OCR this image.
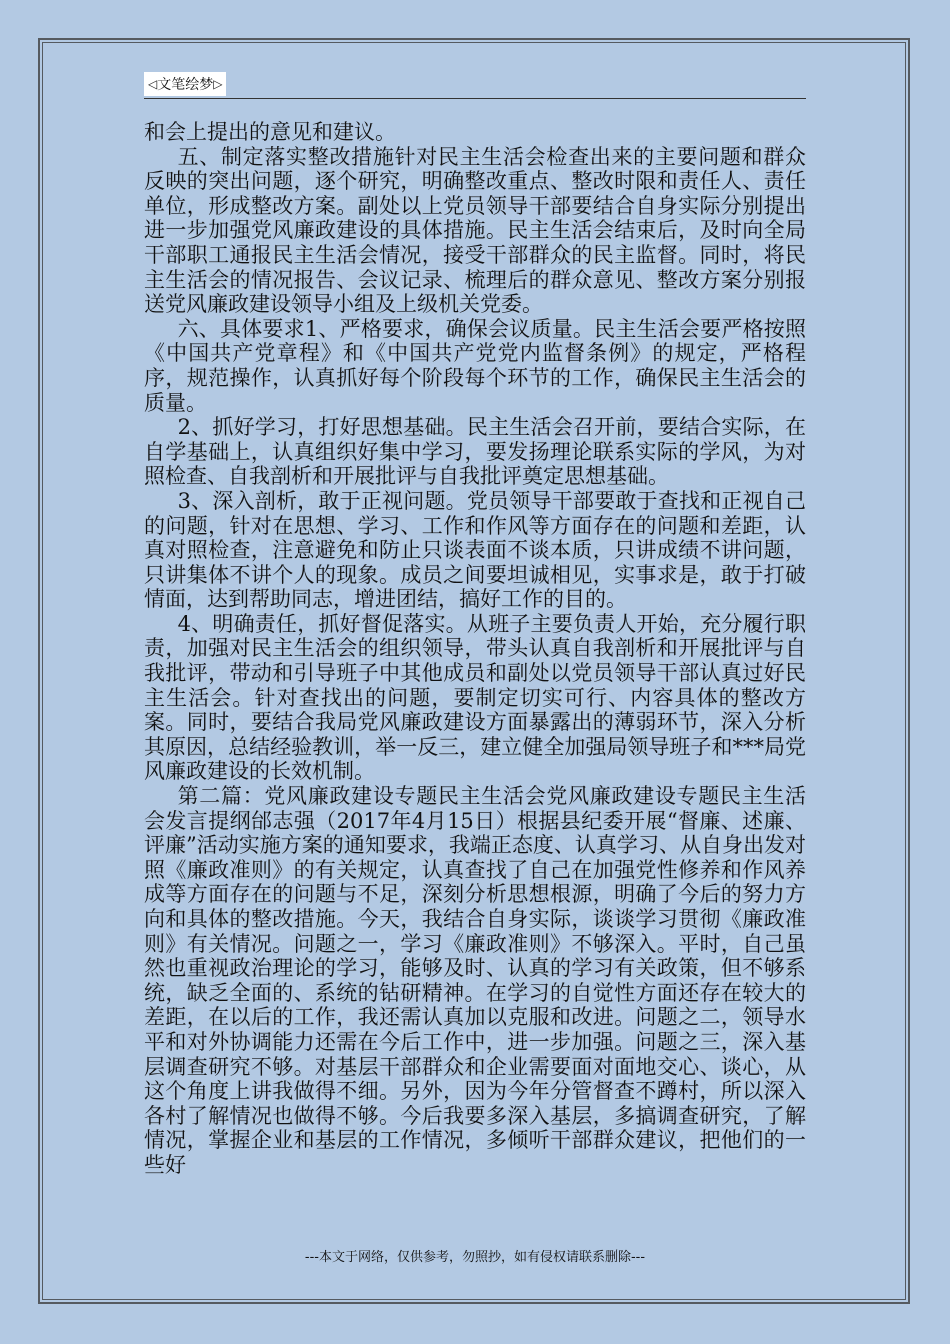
◁ 文笔绘梦 ▷

和会上提出的意见和建议。

五、制定落实整改措施针对民主生活会检查出来的主要问题和群众反映的突出问题，逐个研究，明确整改重点、整改时限和责任人、责任单位，形成整改方案。副处以上党员领导干部要结合自身实际分别提出进一步加强党风廉政建设的具体措施。民主生活会结束后，及时向全局干部职工通报民主生活会情况，接受干部群众的民主监督。同时，将民主生活会的情况报告、会议记录、梳理后的群众意见、整改方案分别报送党风廉政建设领导小组及上级机关党委。

六、具体要求1、严格要求，确保会议质量。民主生活会要严格按照《中国共产党章程》和《中国共产党党内监督条例》的规定，严格程序，规范操作，认真抓好每个阶段每个环节的工作，确保民主生活会的质量。

2、抓好学习，打好思想基础。民主生活会召开前，要结合实际，在自学基础上，认真组织好集中学习，要发扬理论联系实际的学风，为对照检查、自我剖析和开展批评与自我批评奠定思想基础。

3、深入剖析，敢于正视问题。党员领导干部要敢于查找和正视自己的问题，针对在思想、学习、工作和作风等方面存在的问题和差距，认真对照检查，注意避免和防止只谈表面不谈本质，只讲成绩不讲问题，只讲集体不讲个人的现象。成员之间要坦诚相见，实事求是，敢于打破情面，达到帮助同志，增进团结，搞好工作的目的。

4、明确责任，抓好督促落实。从班子主要负责人开始，充分履行职责，加强对民主生活会的组织领导，带头认真自我剖析和开展批评与自我批评，带动和引导班子中其他成员和副处以党员领导干部认真过好民主生活会。针对查找出的问题，要制定切实可行、内容具体的整改方案。同时，要结合我局党风廉政建设方面暴露出的薄弱环节，深入分析其原因，总结经验教训，举一反三，建立健全加强局领导班子和***局党风廉政建设的长效机制。

第二篇：党风廉政建设专题民主生活会党风廉政建设专题民主生活会发言提纲邰志强（2017年4月15日）根据县纪委开展“督廉、述廉、评廉”活动实施方案的通知要求，我端正态度、认真学习、从自身出发对照《廉政准则》的有关规定，认真查找了自己在加强党性修养和作风养成等方面存在的问题与不足，深刻分析思想根源，明确了今后的努力方向和具体的整改措施。今天，我结合自身实际，谈谈学习贯彻《廉政准则》有关情况。问题之一，学习《廉政准则》不够深入。平时，自己虽然也重视政治理论的学习，能够及时、认真的学习有关政策，但不够系统，缺乏全面的、系统的钻研精神。在学习的自觉性方面还存在较大的差距，在以后的工作，我还需认真加以克服和改进。问题之二，领导水平和对外协调能力还需在今后工作中，进一步加强。问题之三，深入基层调查研究不够。对基层干部群众和企业需要面对面地交心、谈心，从这个角度上讲我做得不细。另外，因为今年分管督查不蹲村，所以深入各村了解情况也做得不够。今后我要多深入基层，多搞调查研究，了解情况，掌握企业和基层的工作情况，多倾听干部群众建议，把他们的一些好

---本文于网络，仅供参考，勿照抄，如有侵权请联系删除---
